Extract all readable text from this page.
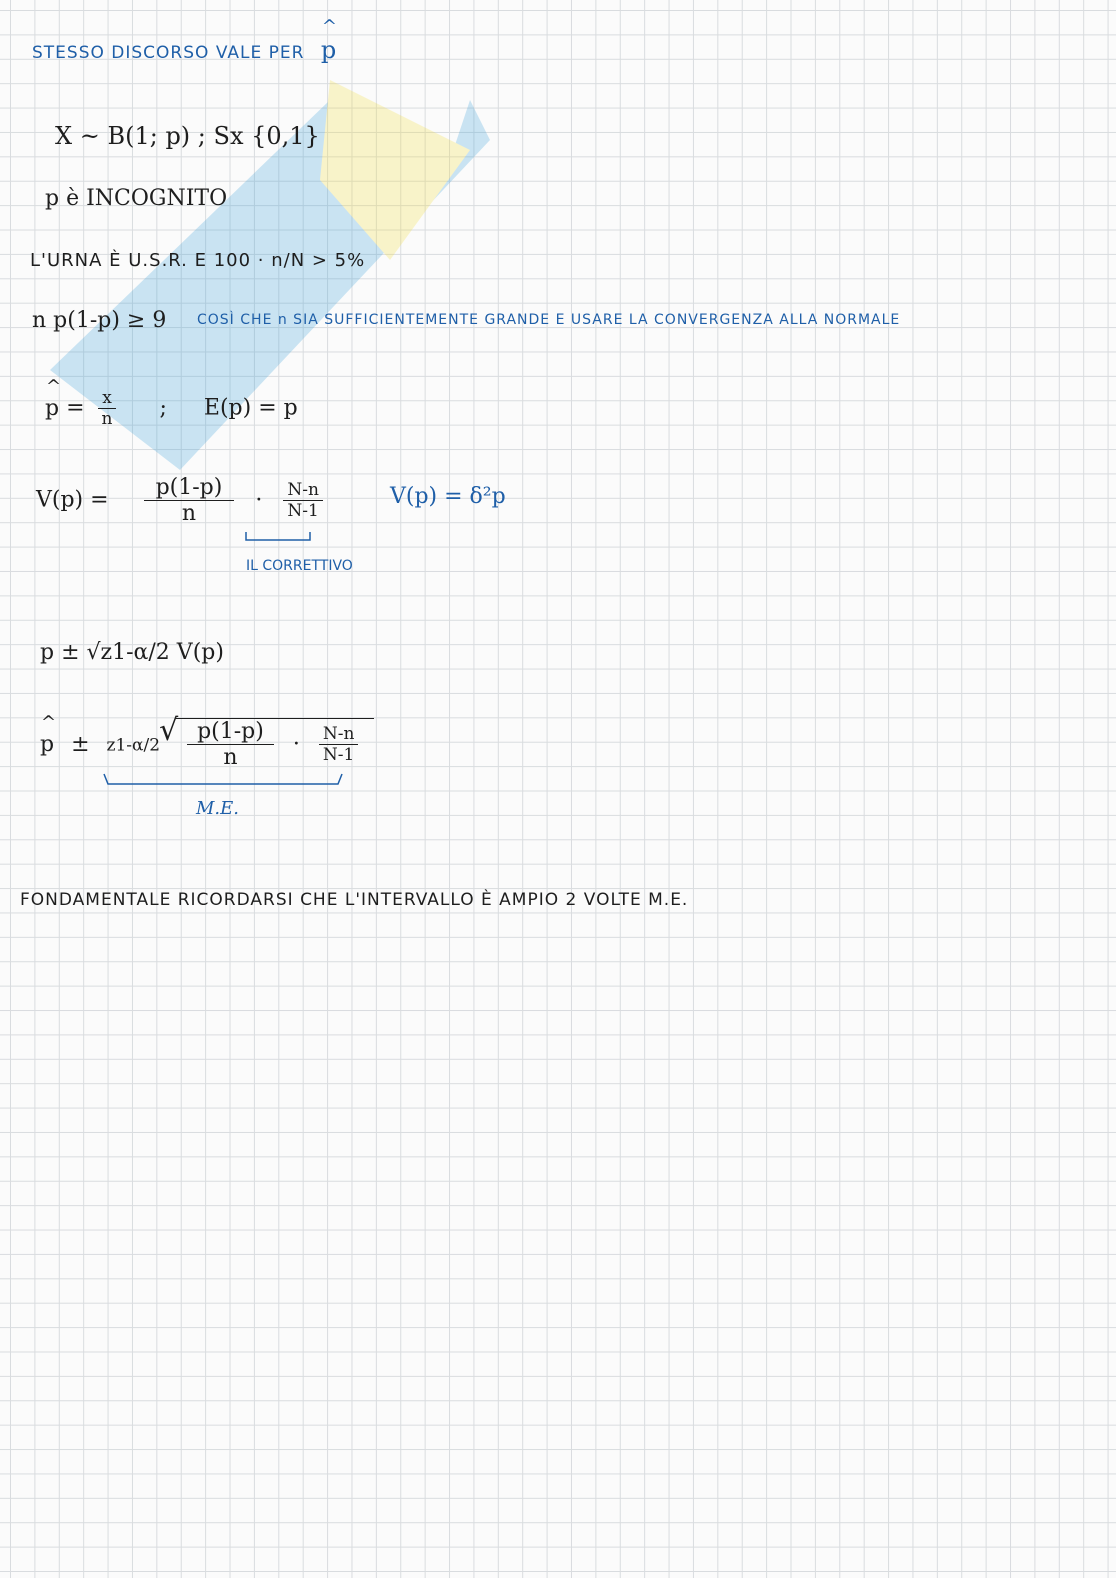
STESSO DISCORSO VALE PER ^ p
X ~ B(1; p) ; Sx {0,1}
p è INCOGNITO
L'URNA È U.S.R. E 100 · n/N > 5%
n p(1-p) ≥ 9 COSÌ CHE n SIA SUFFICIENTEMENTE GRANDE E USARE LA CONVERGENZA ALLA NORMALE
^ $p = \frac{x}{n}$ ; E(p) = p
$V(p) = \frac{p(1-p)}{n} \cdot \frac{N-n}{N-1}$
IL CORRETTIVO
V(p) = δ²p
p ± √z1-α/2 V(p)
^ p ± z1-α/2 √ $\frac{p(1-p)}{n} \cdot \frac{N-n}{N-1}$
M.E.
FONDAMENTALE RICORDARSI CHE L'INTERVALLO È AMPIO 2 VOLTE M.E.
